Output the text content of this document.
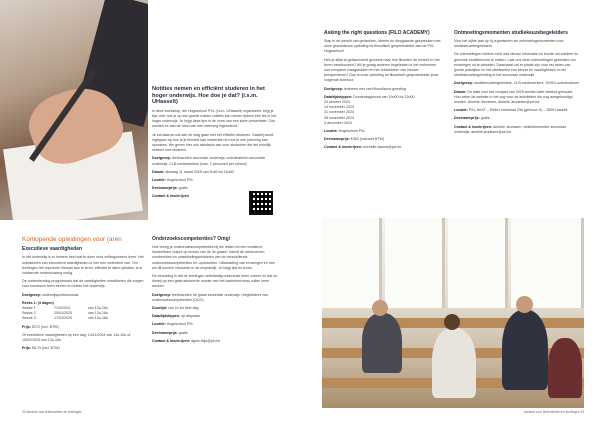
Notities nemen en efficiënt studeren in het hoger onderwijs. Hoe doe je dat? (i.s.m. UHasselt)
In deze workshop, die Hogeschool PXL (i.s.m. UHasselt) organiseert, krijg je tips over hoe je op een goede manier notities kan nemen tijdens een les in het hoger onderwijs. Je krijgt deze tips in de vorm van een korte presentatie. Ook worden ze aan de hand van een oefening ingeoefend.
Je zal daarna ook aan de slag gaan met het efficiënt studeren. Daarbij wordt ingegaan op hoe je je leerstof kan verwerken en hoe je een planning kan opmaken. We geven hier ook aandacht aan voor studenten die het moeilijk hebben met studeren.
Doelgroep: leerkrachten secundair onderwijs, coördinatoren secundair onderwijs, CLB-medewerkers (max. 2 personen per school)
Datum: dinsdag 11 maart 2025 van 9u30 tot 14u00
Locatie: Hogeschool PXL
Deelnameprijs: gratis
Contact & inschrijven
Kortlopende opleidingen voor (aren
Executieve vaardigheden
In het onderwijs is er immers heel wat te doen rond zelfregulerend leren. Het ontwikkelen van executieve vaardigheden is hier een onderdeel van. Om leerlingen het repertoire hiervan aan te leren, effectief te laten ophalen, is er voldoende onderbouwing nodig.
De ondersteuning programma's dat de vaardigheden ontwikkelen die zorgen voor succesvol leren binnen en buiten het onderwijs.
Doelgroep: onderwijsprofessionals
Reeks 1: (3 dagen)
Sessie 1	7/10/2024	van 13u-16u
Sessie 2	20/01/2025	van 13u-16u
Sessie 3	17/04/2025	van 13u-16u
Prijs: €272 (incl. BTW)
Of executieve vaardigheden op een dag: 14/11/2024 van 13u-16u of 19/02/2025 van 13u-16u
Prijs: €8,79 (incl. BTW)
Onderzoekscompetenties? Omg!
Hoe breng je onderzoekscompetenties bij die leiden tot een creatieve, hanteerbare output op niveau van de 3e graad? Vanuit de werkvormen, voorbeelden en ontwikkelingsmiddelen van de verschillende onderzoekscompetenties en -opdrachten. Uitwisseling van ervaringen en hoe we dit kunnen inbouwen in de lespraktijk. Je krijgt tips en tricks.
De bedoeling is dat de leerlingen zelfstandig onderzoek leren voeren en dat ze hierbij op een gestructureerde manier van het bachelorniveau zullen leren werken.
Doelgroep: leerkrachten 3e graad secundair onderwijs / begeleiders van onderzoekscompetenties (OCO)
Duurtijd: van 2u tot hele dag
Data/tijdstippen: op afspraak
Locatie: Hogeschool PXL
Deelnameprijs: gratis
Contact & inschrijven: agnis.thijs@pxl.be
32 Aanbod voor leerkrachten en leerlingen
Asking the right questions (FILO ACADEMY)
Stap in de wereld van gedachten, ideeën en diepgaande gesprekken met onze gloednieuwe opleiding tot filosofisch gespreksleider aan de PXL Hogeschool!
Heb je altijd al gefascineerd geweest naar hoe filosofen de wereld en het leven beschouwen? Wil je graag anderen begeleiden in het verkennen van complexe vraagstukken en het ontwikkelen van nieuwe perspectieven? Dan is onze opleiding tot filosofisch gespreksleider jouw volgende avontuur.
Doelgroep: iedereen met veel filosofische goesting
Data/tijdstippen: Donderdagavond van 19u00 tot 22u00
24 oktober 2024
14 november 2024
21 november 2024
28 november 2024
5 december 2024
Locatie: Hogeschool PXL
Deelnameprijs: €363 (inclusief BTW)
Contact & inschrijven: michelle.daems@pxl.be
Ontmoetingsmomenten studiekeuzebegeleiders
Voor het vijfde jaar op rij organiseren we ontmoetingsmomenten voor studiekeuzebegeleiders.
De ontmoetingen hebben heel wat nieuwe informatie en kunde om solidere en gezonde studiekeuzes te maken. Laat ons deze ontmoetingen gebruiken om ervaringen uit te wisselen. Daarnaast zal er plaats zijn voor het delen van goede praktijken en het uitwisselen van kennis en vaardigheden in het studiekeuzebegeleiding in het secundair onderwijs.
Doelgroep: studiekeuzebegeleiders, CLB-medewerkers, SOHO-coördinatoren
Datum: De data voor het voorjaar van 2025 worden later bekend gemaakt. Hou zeker de website in het oog voor de activiteiten die nog aangekondigd worden. Annelie Jeurissen, Annelie.Jeurissen@pxl.be.
Locatie: PXL-NeXT – Elfde-Liniestraat 23a (gebouw D) – 3500 Hasselt
Deelnameprijs: gratis
Contact & inschrijven: Annelie Jeurissen, relatiebeheerder secundair onderwijs, annelie.jeurissen@pxl.be
Aanbod voor leerkrachten en leerlingen 33
